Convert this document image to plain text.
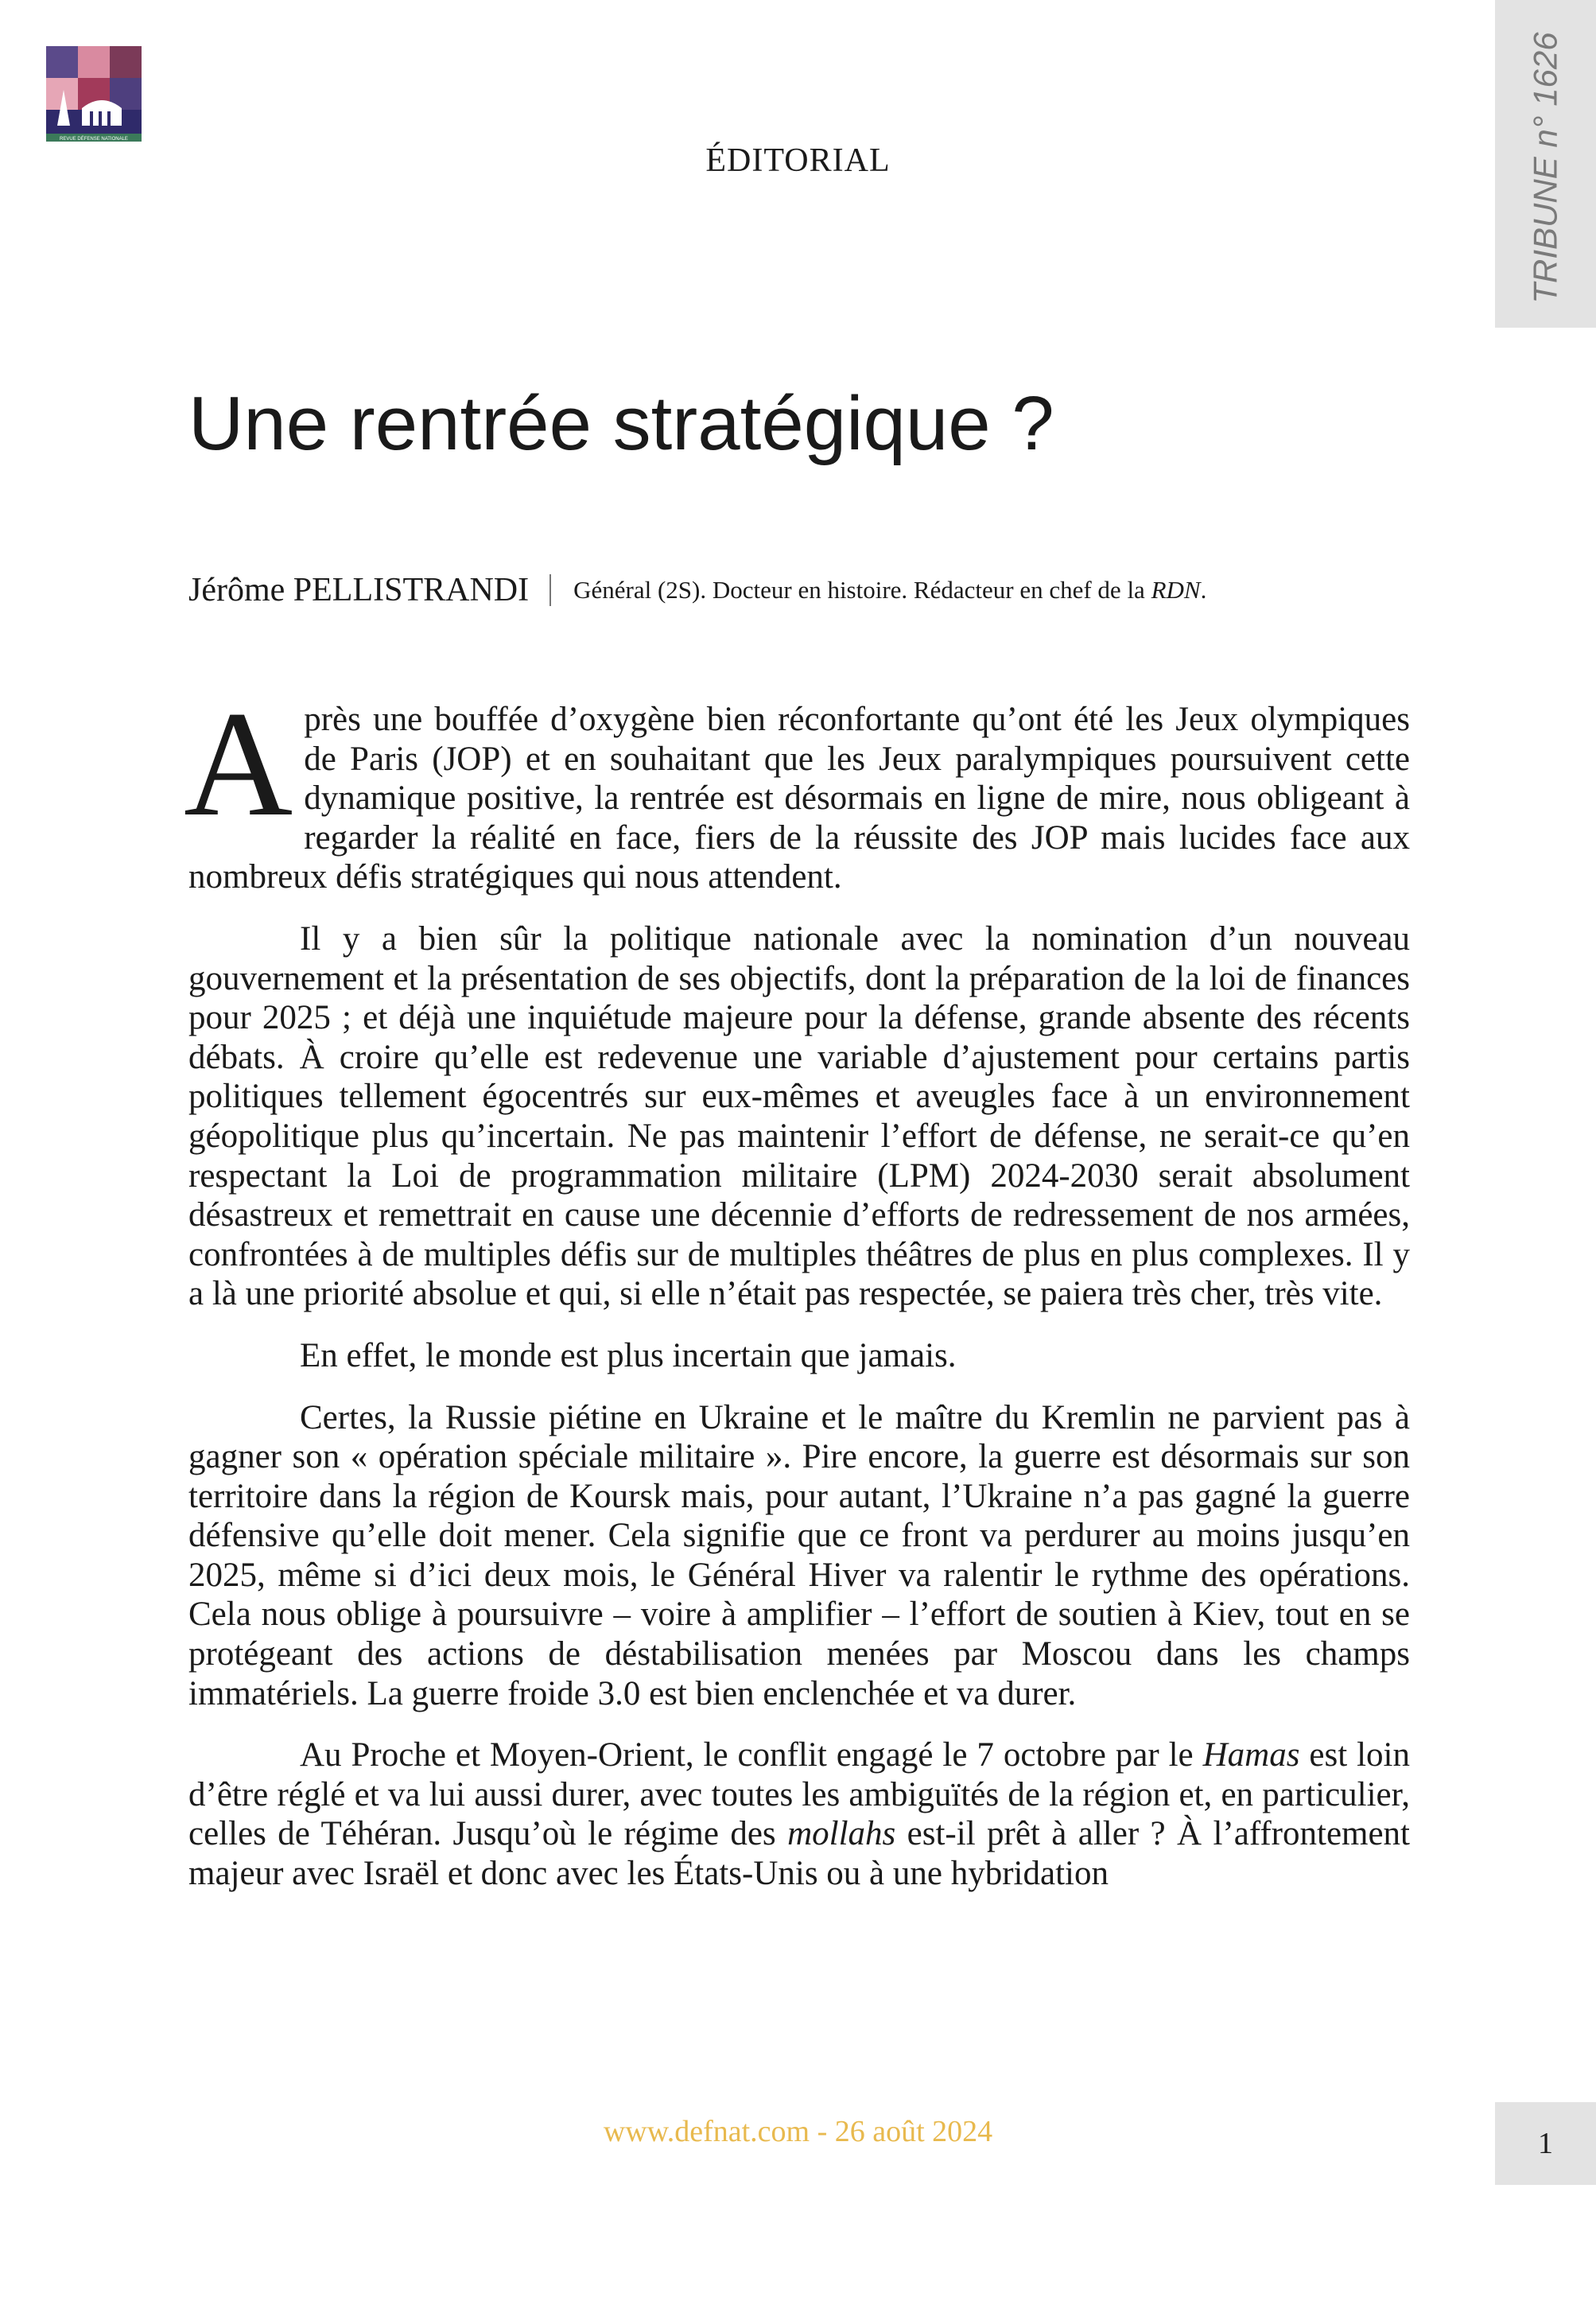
REVUE DÉFENSE NATIONALE	TRIBUNE n° 1626
ÉDITORIAL
Une rentrée stratégique ?
Jérôme PELLISTRANDI Général (2S). Docteur en histoire. Rédacteur en chef de la RDN.

Après une bouffée d’oxygène bien réconfortante qu’ont été les Jeux olympiques de Paris (JOP) et en souhaitant que les Jeux paralympiques poursuivent cette dynamique positive, la rentrée est désormais en ligne de mire, nous obligeant à regarder la réalité en face, fiers de la réussite des JOP mais lucides face aux nombreux défis stratégiques qui nous attendent.

Il y a bien sûr la politique nationale avec la nomination d’un nouveau gouvernement et la présentation de ses objectifs, dont la préparation de la loi de finances pour 2025 ; et déjà une inquiétude majeure pour la défense, grande absente des récents débats. À croire qu’elle est redevenue une variable d’ajustement pour certains partis politiques tellement égocentrés sur eux-mêmes et aveugles face à un environnement géopolitique plus qu’incertain. Ne pas maintenir l’effort de défense, ne serait-ce qu’en respectant la Loi de programmation militaire (LPM) 2024-2030 serait absolument désastreux et remettrait en cause une décennie d’efforts de redressement de nos armées, confrontées à de multiples défis sur de multiples théâtres de plus en plus complexes. Il y a là une priorité absolue et qui, si elle n’était pas respectée, se paiera très cher, très vite.

En effet, le monde est plus incertain que jamais.

Certes, la Russie piétine en Ukraine et le maître du Kremlin ne parvient pas à gagner son « opération spéciale militaire ». Pire encore, la guerre est désormais sur son territoire dans la région de Koursk mais, pour autant, l’Ukraine n’a pas gagné la guerre défensive qu’elle doit mener. Cela signifie que ce front va perdurer au moins jusqu’en 2025, même si d’ici deux mois, le Général Hiver va ralentir le rythme des opérations. Cela nous oblige à poursuivre – voire à amplifier – l’effort de soutien à Kiev, tout en se protégeant des actions de déstabilisation menées par Moscou dans les champs immatériels. La guerre froide 3.0 est bien enclenchée et va durer.

Au Proche et Moyen-Orient, le conflit engagé le 7 octobre par le Hamas est loin d’être réglé et va lui aussi durer, avec toutes les ambiguïtés de la région et, en particulier, celles de Téhéran. Jusqu’où le régime des mollahs est-il prêt à aller ? À l’affrontement majeur avec Israël et donc avec les États-Unis ou à une hybridation

www.defnat.com - 26 août 2024	1
